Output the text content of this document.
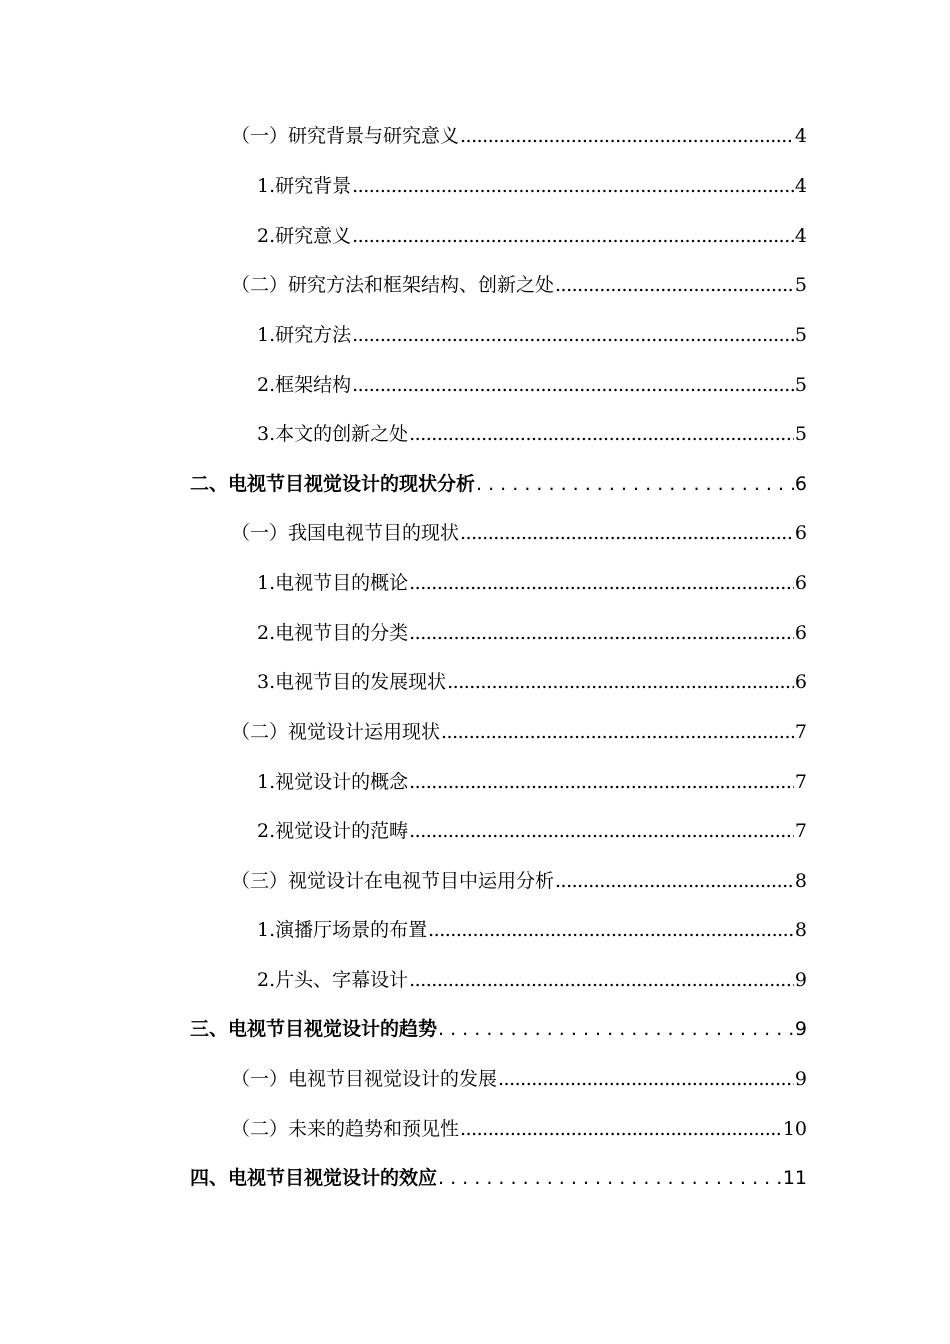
（一）研究背景与研究意义 .....	4
1.研究背景 .....	4
2.研究意义 .....	4
（二）研究方法和框架结构、创新之处 .....	5
1.研究方法 .....	5
2.框架结构 .....	5
3.本文的创新之处 .....	5
二、电视节目视觉设计的现状分析 . . .	6
（一）我国电视节目的现状 .....	6
1.电视节目的概论 .....	6
2.电视节目的分类 .....	6
3.电视节目的发展现状 .....	6
（二）视觉设计运用现状 .....	7
1.视觉设计的概念 .....	7
2.视觉设计的范畴 .....	7
（三）视觉设计在电视节目中运用分析 .....	8
1.演播厅场景的布置 .....	8
2.片头、字幕设计 .....	9
三、电视节目视觉设计的趋势 . . .	9
（一）电视节目视觉设计的发展 .....	9
（二）未来的趋势和预见性 .....	10
四、电视节目视觉设计的效应 . . .	11
